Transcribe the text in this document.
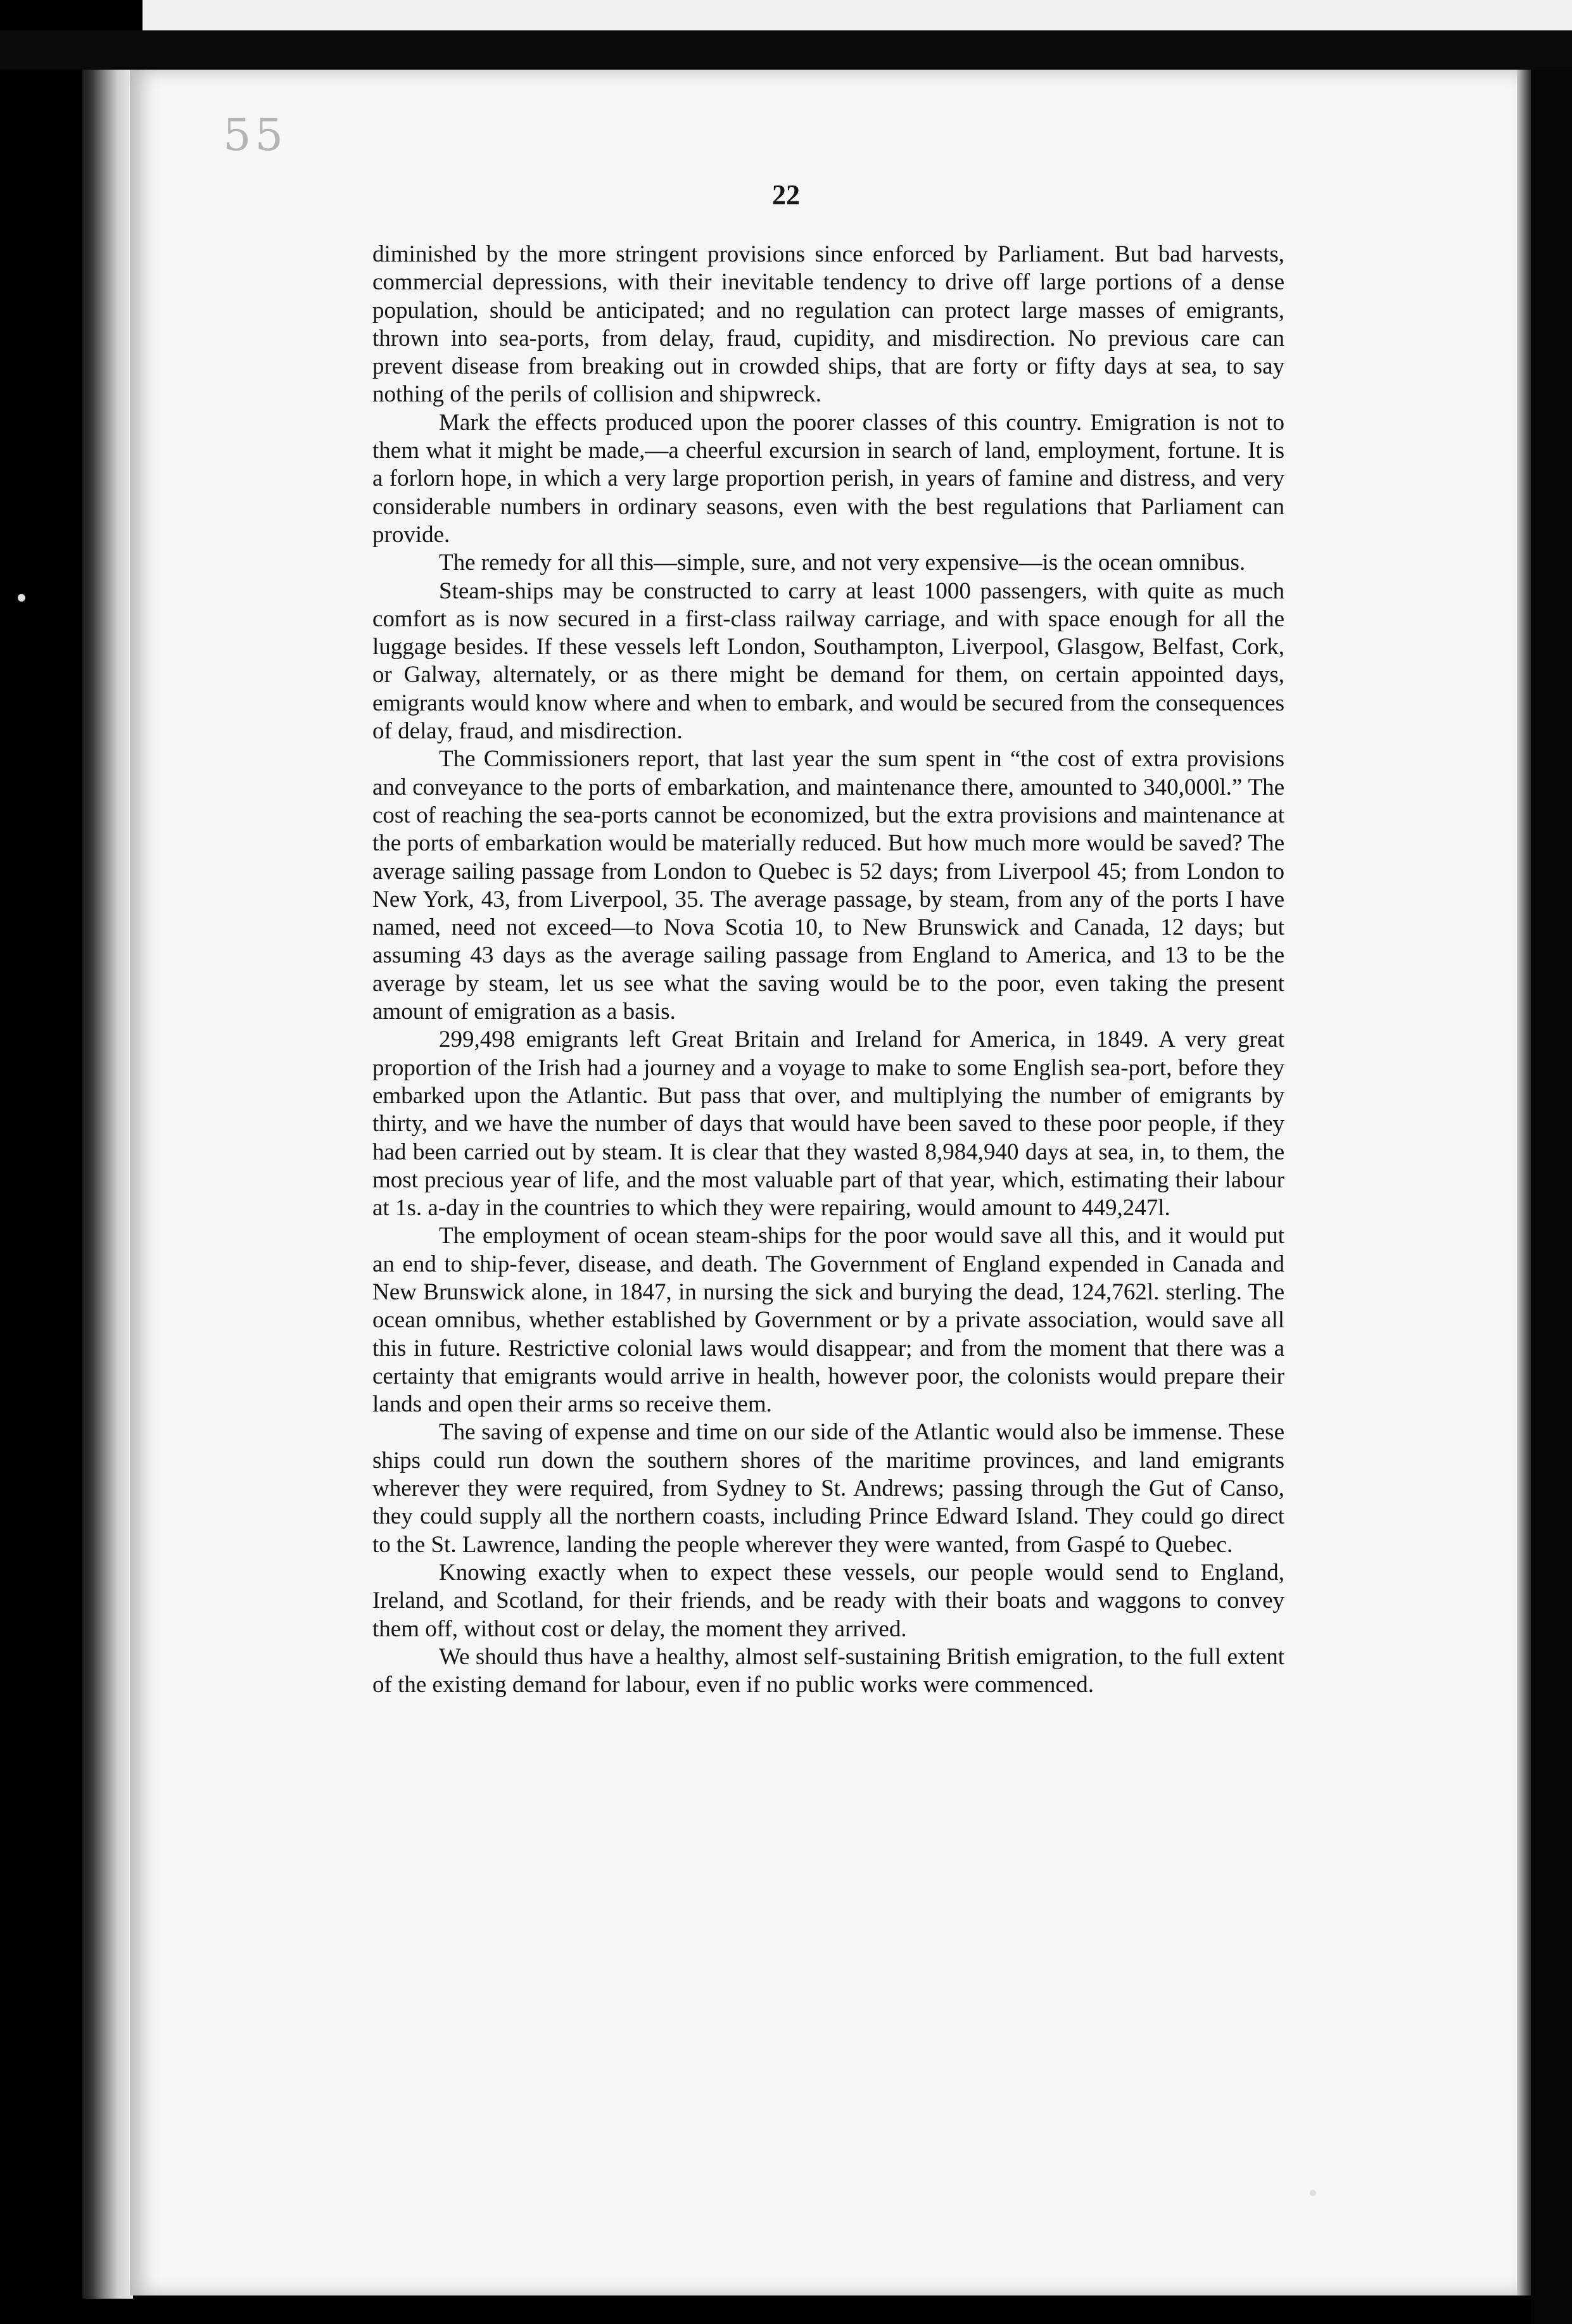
55
22

diminished by the more stringent provisions since enforced by Parliament. But bad harvests, commercial depressions, with their inevitable tendency to drive off large portions of a dense population, should be anticipated; and no regulation can protect large masses of emigrants, thrown into sea-ports, from delay, fraud, cupidity, and misdirection. No previous care can prevent disease from breaking out in crowded ships, that are forty or fifty days at sea, to say nothing of the perils of collision and shipwreck.

Mark the effects produced upon the poorer classes of this country. Emigration is not to them what it might be made,—a cheerful excursion in search of land, employment, fortune. It is a forlorn hope, in which a very large proportion perish, in years of famine and distress, and very considerable numbers in ordinary seasons, even with the best regulations that Parliament can provide.

The remedy for all this—simple, sure, and not very expensive—is the ocean omnibus.

Steam-ships may be constructed to carry at least 1000 passengers, with quite as much comfort as is now secured in a first-class railway carriage, and with space enough for all the luggage besides. If these vessels left London, Southampton, Liverpool, Glasgow, Belfast, Cork, or Galway, alternately, or as there might be demand for them, on certain appointed days, emigrants would know where and when to embark, and would be secured from the consequences of delay, fraud, and misdirection.

The Commissioners report, that last year the sum spent in “the cost of extra provisions and conveyance to the ports of embarkation, and maintenance there, amounted to 340,000l.” The cost of reaching the sea-ports cannot be economized, but the extra provisions and maintenance at the ports of embarkation would be materially reduced. But how much more would be saved? The average sailing passage from London to Quebec is 52 days; from Liverpool 45; from London to New York, 43, from Liverpool, 35. The average passage, by steam, from any of the ports I have named, need not exceed—to Nova Scotia 10, to New Brunswick and Canada, 12 days; but assuming 43 days as the average sailing passage from England to America, and 13 to be the average by steam, let us see what the saving would be to the poor, even taking the present amount of emigration as a basis.

299,498 emigrants left Great Britain and Ireland for America, in 1849. A very great proportion of the Irish had a journey and a voyage to make to some English sea-port, before they embarked upon the Atlantic. But pass that over, and multiplying the number of emigrants by thirty, and we have the number of days that would have been saved to these poor people, if they had been carried out by steam. It is clear that they wasted 8,984,940 days at sea, in, to them, the most precious year of life, and the most valuable part of that year, which, estimating their labour at 1s. a-day in the countries to which they were repairing, would amount to 449,247l.

The employment of ocean steam-ships for the poor would save all this, and it would put an end to ship-fever, disease, and death. The Government of England expended in Canada and New Brunswick alone, in 1847, in nursing the sick and burying the dead, 124,762l. sterling. The ocean omnibus, whether established by Government or by a private association, would save all this in future. Restrictive colonial laws would disappear; and from the moment that there was a certainty that emigrants would arrive in health, however poor, the colonists would prepare their lands and open their arms so receive them.

The saving of expense and time on our side of the Atlantic would also be immense. These ships could run down the southern shores of the maritime provinces, and land emigrants wherever they were required, from Sydney to St. Andrews; passing through the Gut of Canso, they could supply all the northern coasts, including Prince Edward Island. They could go direct to the St. Lawrence, landing the people wherever they were wanted, from Gaspé to Quebec.

Knowing exactly when to expect these vessels, our people would send to England, Ireland, and Scotland, for their friends, and be ready with their boats and waggons to convey them off, without cost or delay, the moment they arrived.

We should thus have a healthy, almost self-sustaining British emigration, to the full extent of the existing demand for labour, even if no public works were commenced.
